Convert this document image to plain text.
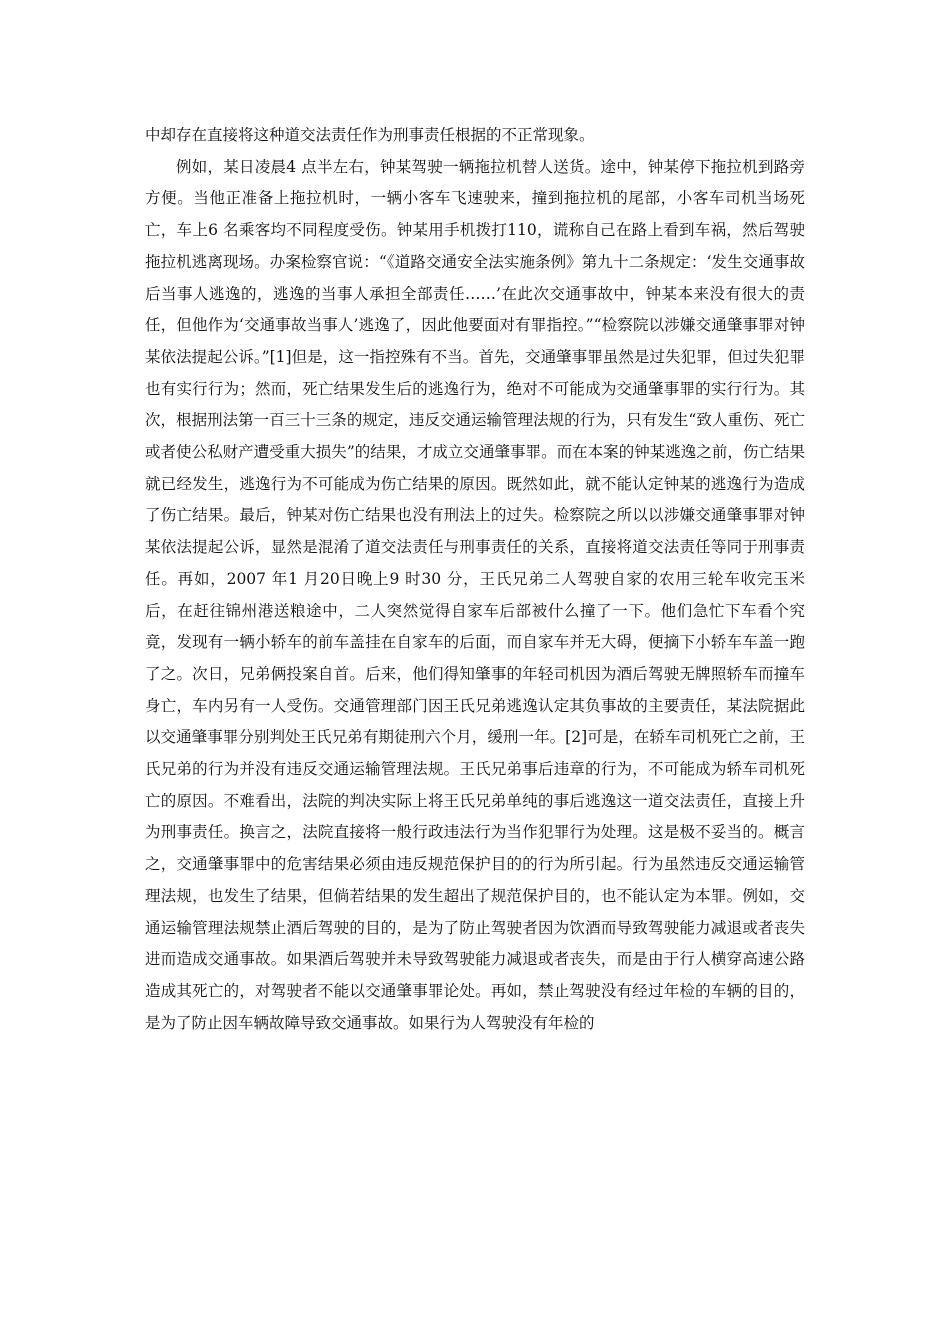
中却存在直接将这种道交法责任作为刑事责任根据的不正常现象。

例如，某日凌晨4 点半左右，钟某驾驶一辆拖拉机替人送货。途中，钟某停下拖拉机到路旁方便。当他正准备上拖拉机时，一辆小客车飞速驶来，撞到拖拉机的尾部，小客车司机当场死亡，车上6 名乘客均不同程度受伤。钟某用手机拨打110，谎称自己在路上看到车祸，然后驾驶拖拉机逃离现场。办案检察官说：“《道路交通安全法实施条例》第九十二条规定：‘发生交通事故后当事人逃逸的，逃逸的当事人承担全部责任……’在此次交通事故中，钟某本来没有很大的责任，但他作为‘交通事故当事人’逃逸了，因此他要面对有罪指控。”“检察院以涉嫌交通肇事罪对钟某依法提起公诉。”[1]但是，这一指控殊有不当。首先，交通肇事罪虽然是过失犯罪，但过失犯罪也有实行行为；然而，死亡结果发生后的逃逸行为，绝对不可能成为交通肇事罪的实行行为。其次，根据刑法第一百三十三条的规定，违反交通运输管理法规的行为，只有发生“致人重伤、死亡或者使公私财产遭受重大损失”的结果，才成立交通肇事罪。而在本案的钟某逃逸之前，伤亡结果就已经发生，逃逸行为不可能成为伤亡结果的原因。既然如此，就不能认定钟某的逃逸行为造成了伤亡结果。最后，钟某对伤亡结果也没有刑法上的过失。检察院之所以以涉嫌交通肇事罪对钟某依法提起公诉，显然是混淆了道交法责任与刑事责任的关系，直接将道交法责任等同于刑事责任。再如，2007 年1 月20日晚上9 时30 分，王氏兄弟二人驾驶自家的农用三轮车收完玉米后，在赶往锦州港送粮途中，二人突然觉得自家车后部被什么撞了一下。他们急忙下车看个究竟，发现有一辆小轿车的前车盖挂在自家车的后面，而自家车并无大碍，便摘下小轿车车盖一跑了之。次日，兄弟俩投案自首。后来，他们得知肇事的年轻司机因为酒后驾驶无牌照轿车而撞车身亡，车内另有一人受伤。交通管理部门因王氏兄弟逃逸认定其负事故的主要责任，某法院据此以交通肇事罪分别判处王氏兄弟有期徒刑六个月，缓刑一年。[2]可是，在轿车司机死亡之前，王氏兄弟的行为并没有违反交通运输管理法规。王氏兄弟事后违章的行为，不可能成为轿车司机死亡的原因。不难看出，法院的判决实际上将王氏兄弟单纯的事后逃逸这一道交法责任，直接上升为刑事责任。换言之，法院直接将一般行政违法行为当作犯罪行为处理。这是极不妥当的。概言之，交通肇事罪中的危害结果必须由违反规范保护目的的行为所引起。行为虽然违反交通运输管理法规，也发生了结果，但倘若结果的发生超出了规范保护目的，也不能认定为本罪。例如，交通运输管理法规禁止酒后驾驶的目的，是为了防止驾驶者因为饮酒而导致驾驶能力减退或者丧失进而造成交通事故。如果酒后驾驶并未导致驾驶能力减退或者丧失，而是由于行人横穿高速公路造成其死亡的，对驾驶者不能以交通肇事罪论处。再如，禁止驾驶没有经过年检的车辆的目的，是为了防止因车辆故障导致交通事故。如果行为人驾驶没有年检的
